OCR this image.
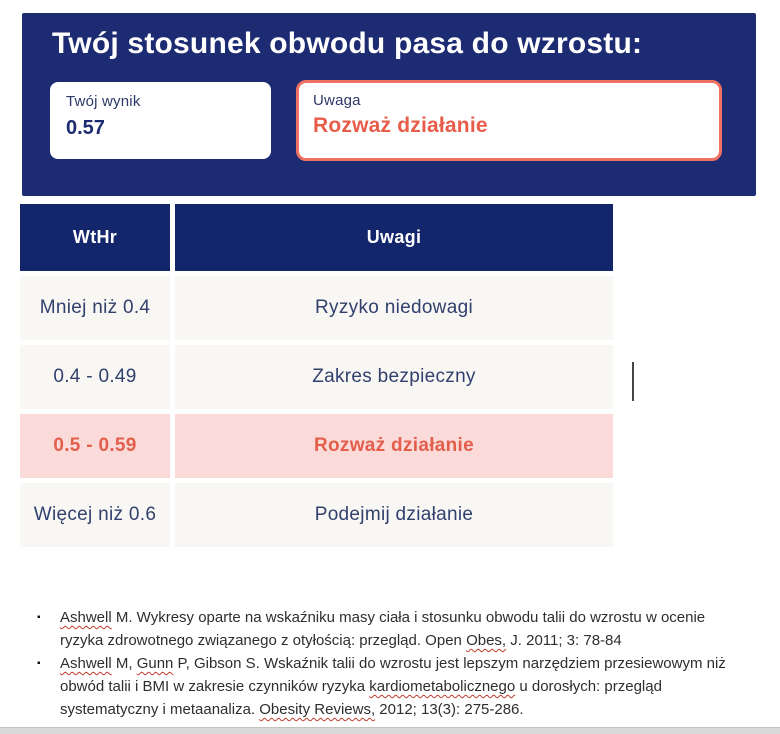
Twój stosunek obwodu pasa do wzrostu:
Twój wynik
0.57
Uwaga
Rozważ działanie
WtHr	Uwagi
Mniej niż 0.4	Ryzyko niedowagi
0.4 - 0.49	Zakres bezpieczny
0.5 - 0.59	Rozważ działanie
Więcej niż 0.6	Podejmij działanie
▪ Ashwell M. Wykresy oparte na wskaźniku masy ciała i stosunku obwodu talii do wzrostu w ocenie ryzyka zdrowotnego związanego z otyłością: przegląd. Open Obes, J. 2011; 3: 78-84
▪ Ashwell M, Gunn P, Gibson S. Wskaźnik talii do wzrostu jest lepszym narzędziem przesiewowym niż obwód talii i BMI w zakresie czynników ryzyka kardiometabolicznego u dorosłych: przegląd systematyczny i metaanaliza. Obesity Reviews, 2012; 13(3): 275-286.
